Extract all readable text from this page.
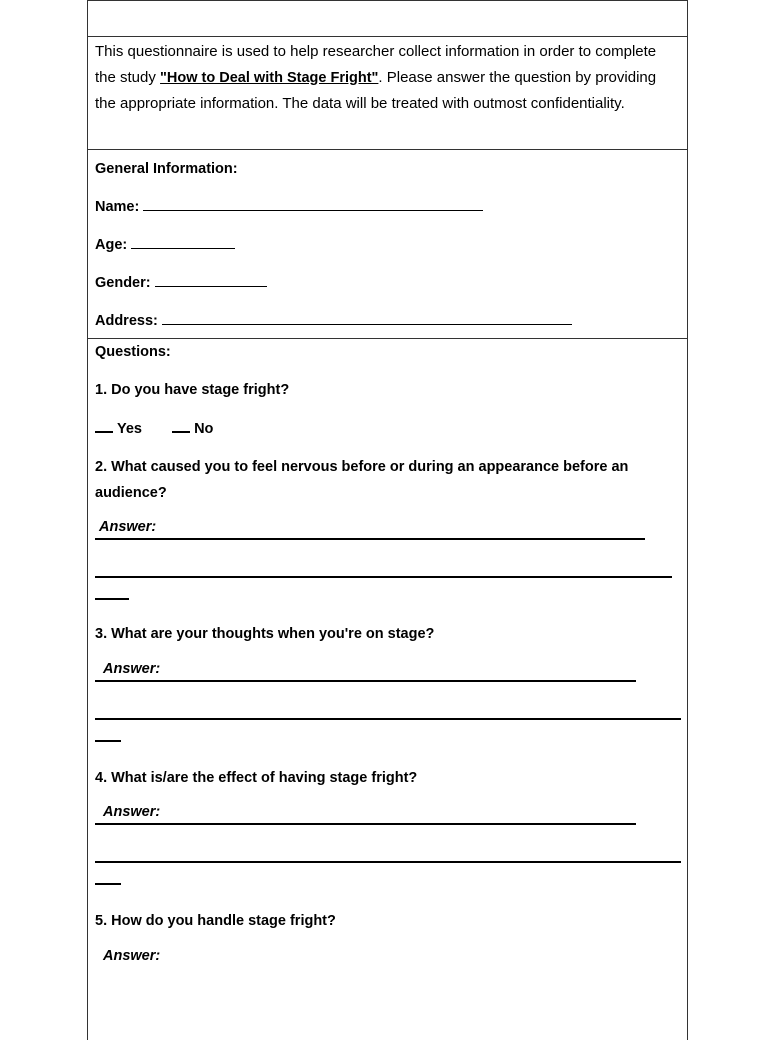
This questionnaire is used to help researcher collect information in order to complete the study "How to Deal with Stage Fright". Please answer the question by providing the appropriate information. The data will be treated with outmost confidentiality.
General Information:
Name:
Age:
Gender:
Address:
Questions:
1. Do you have stage fright?
Yes	No
2. What caused you to feel nervous before or during an appearance before an audience?
Answer:
3. What are your thoughts when you're on stage?
Answer:
4. What is/are the effect of having stage fright?
Answer:
5. How do you handle stage fright?
Answer:
